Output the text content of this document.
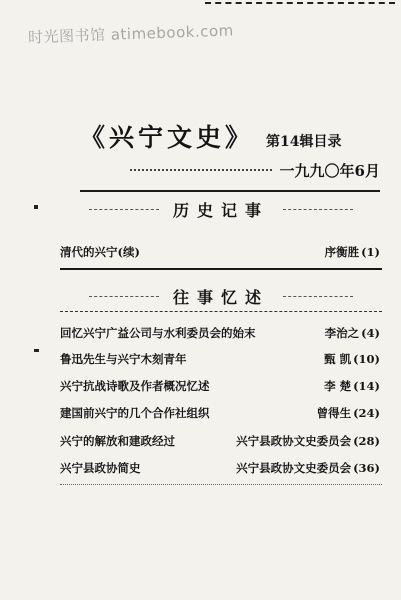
时光图书馆 atimebook.com
《兴宁文史》 第14辑目录
一九九〇年6月
历史记事
清代的兴宁(续)	序衡胜 (1)
往事忆述
回忆兴宁广益公司与水利委员会的始末	李治之 (4)
鲁迅先生与兴宁木刻青年	甄 凯 (10)
兴宁抗战诗歌及作者概况忆述	李 楚 (14)
建国前兴宁的几个合作社组织	曾得生 (24)
兴宁的解放和建政经过	兴宁县政协文史委员会 (28)
兴宁县政协简史	兴宁县政协文史委员会 (36)
